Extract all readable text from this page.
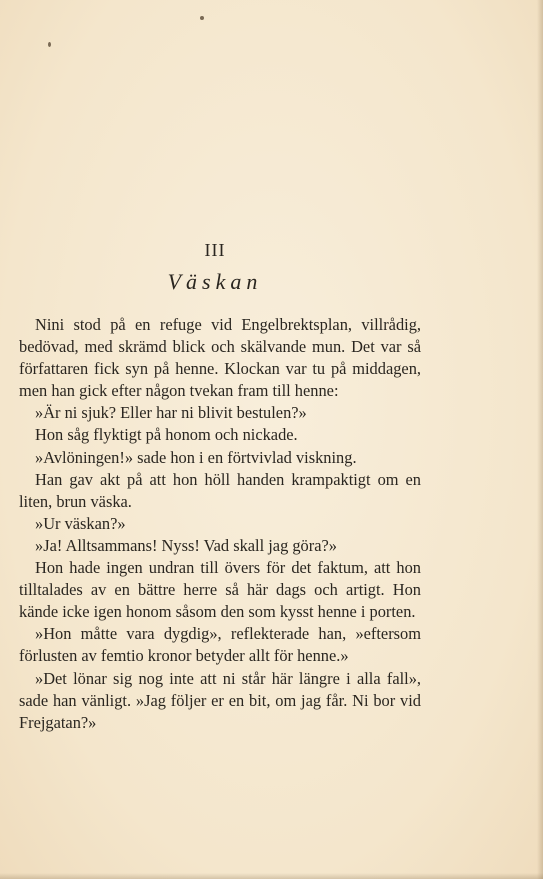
III
Väskan

Nini stod på en refuge vid Engelbrektsplan, villrådig, bedövad, med skrämd blick och skälvande mun. Det var så författaren fick syn på henne. Klockan var tu på middagen, men han gick efter någon tvekan fram till henne:

»Är ni sjuk? Eller har ni blivit bestulen?»

Hon såg flyktigt på honom och nickade.

»Avlöningen!» sade hon i en förtvivlad viskning.

Han gav akt på att hon höll handen krampaktigt om en liten, brun väska.

»Ur väskan?»

»Ja! Alltsammans! Nyss! Vad skall jag göra?»

Hon hade ingen undran till övers för det faktum, att hon tilltalades av en bättre herre så här dags och artigt. Hon kände icke igen honom såsom den som kysst henne i porten.

»Hon måtte vara dygdig», reflekterade han, »eftersom förlusten av femtio kronor betyder allt för henne.»

»Det lönar sig nog inte att ni står här längre i alla fall», sade han vänligt. »Jag följer er en bit, om jag får. Ni bor vid Frejgatan?»
